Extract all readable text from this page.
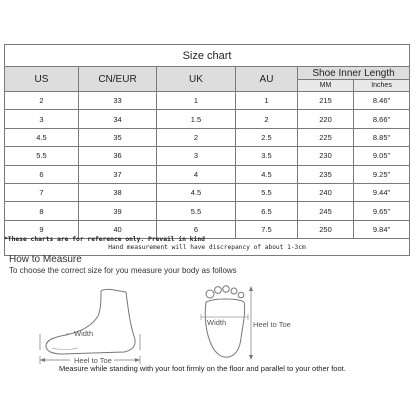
Size chart					
US	CN/EUR	UK	AU	Shoe Inner Length	
				MM	Inches
2	33	1	1	215	8.46"
3	34	1.5	2	220	8.66"
4.5	35	2	2.5	225	8.85"
5.5	36	3	3.5	230	9.05"
6	37	4	4.5	235	9.25"
7	38	4.5	5.5	240	9.44"
8	39	5.5	6.5	245	9.65"
9	40	6	7.5	250	9.84"
Hand measurement will have discrepancy of about 1-3cm					
*These charts are for reference only. Prevail in kind
How to Measure
To choose the correct size for you measure your body as follows
Width
Heel to Toe
Width	Heel to Toe
Measure while standing with your foot firmly on the floor and parallel to your other foot.
